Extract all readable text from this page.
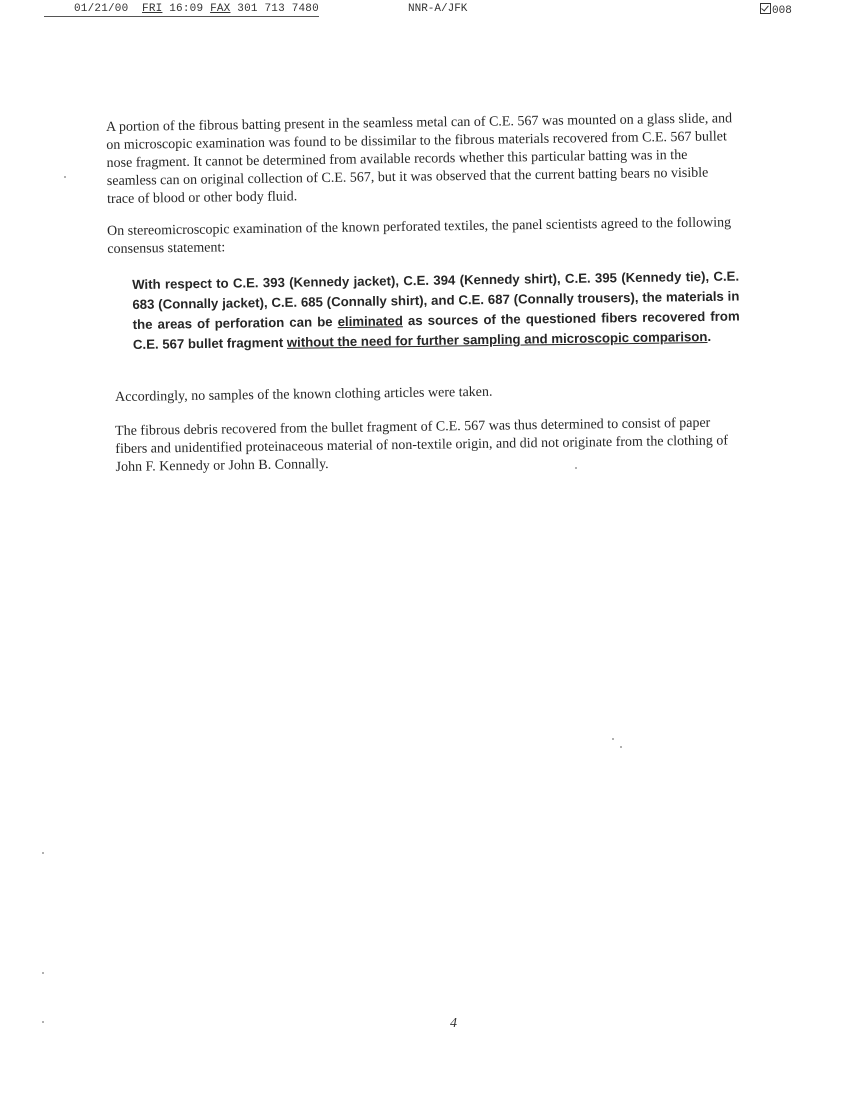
01/21/00 FRI 16:09 FAX 301 713 7480	NNR-A/JFK	008

A portion of the fibrous batting present in the seamless metal can of C.E. 567 was mounted on a glass slide, and on microscopic examination was found to be dissimilar to the fibrous materials recovered from C.E. 567 bullet nose fragment. It cannot be determined from available records whether this particular batting was in the seamless can on original collection of C.E. 567, but it was observed that the current batting bears no visible trace of blood or other body fluid.

On stereomicroscopic examination of the known perforated textiles, the panel scientists agreed to the following consensus statement:

With respect to C.E. 393 (Kennedy jacket), C.E. 394 (Kennedy shirt), C.E. 395 (Kennedy tie), C.E. 683 (Connally jacket), C.E. 685 (Connally shirt), and C.E. 687 (Connally trousers), the materials in the areas of perforation can be eliminated as sources of the questioned fibers recovered from C.E. 567 bullet fragment without the need for further sampling and microscopic comparison.

Accordingly, no samples of the known clothing articles were taken.

The fibrous debris recovered from the bullet fragment of C.E. 567 was thus determined to consist of paper fibers and unidentified proteinaceous material of non-textile origin, and did not originate from the clothing of John F. Kennedy or John B. Connally.

4
